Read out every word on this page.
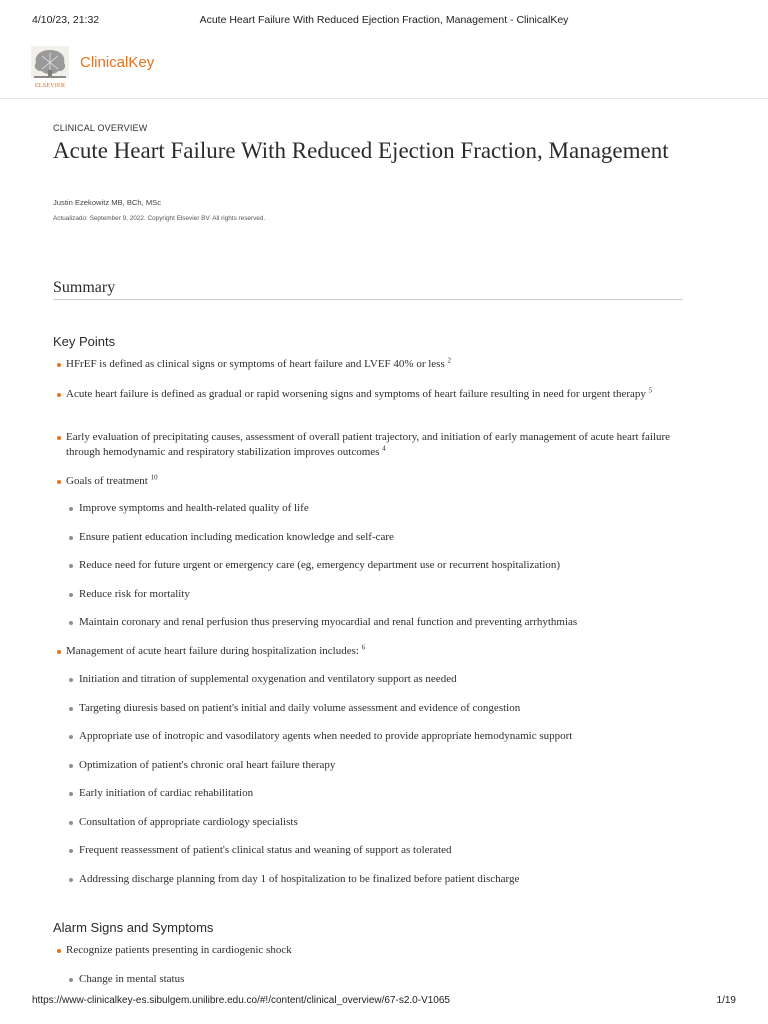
4/10/23, 21:32	Acute Heart Failure With Reduced Ejection Fraction, Management - ClinicalKey
ELSEVIER
ClinicalKey
CLINICAL OVERVIEW
Acute Heart Failure With Reduced Ejection Fraction, Management
Justin Ezekowitz MB, BCh, MSc
Actualizado: September 9, 2022. Copyright Elsevier BV. All rights reserved.
Summary
Key Points
HFrEF is defined as clinical signs or symptoms of heart failure and LVEF 40% or less $^2$
Acute heart failure is defined as gradual or rapid worsening signs and symptoms of heart failure resulting in need for urgent therapy $^5$
Early evaluation of precipitating causes, assessment of overall patient trajectory, and initiation of early management of acute heart failure through hemodynamic and respiratory stabilization improves outcomes $^4$
Goals of treatment $^{10}$
Improve symptoms and health-related quality of life
Ensure patient education including medication knowledge and self-care
Reduce need for future urgent or emergency care (eg, emergency department use or recurrent hospitalization)
Reduce risk for mortality
Maintain coronary and renal perfusion thus preserving myocardial and renal function and preventing arrhythmias
Management of acute heart failure during hospitalization includes: $^6$
Initiation and titration of supplemental oxygenation and ventilatory support as needed
Targeting diuresis based on patient's initial and daily volume assessment and evidence of congestion
Appropriate use of inotropic and vasodilatory agents when needed to provide appropriate hemodynamic support
Optimization of patient's chronic oral heart failure therapy
Early initiation of cardiac rehabilitation
Consultation of appropriate cardiology specialists
Frequent reassessment of patient's clinical status and weaning of support as tolerated
Addressing discharge planning from day 1 of hospitalization to be finalized before patient discharge
Alarm Signs and Symptoms
Recognize patients presenting in cardiogenic shock
Change in mental status
https://www-clinicalkey-es.sibulgem.unilibre.edu.co/#!/content/clinical_overview/67-s2.0-V1065	1/19
